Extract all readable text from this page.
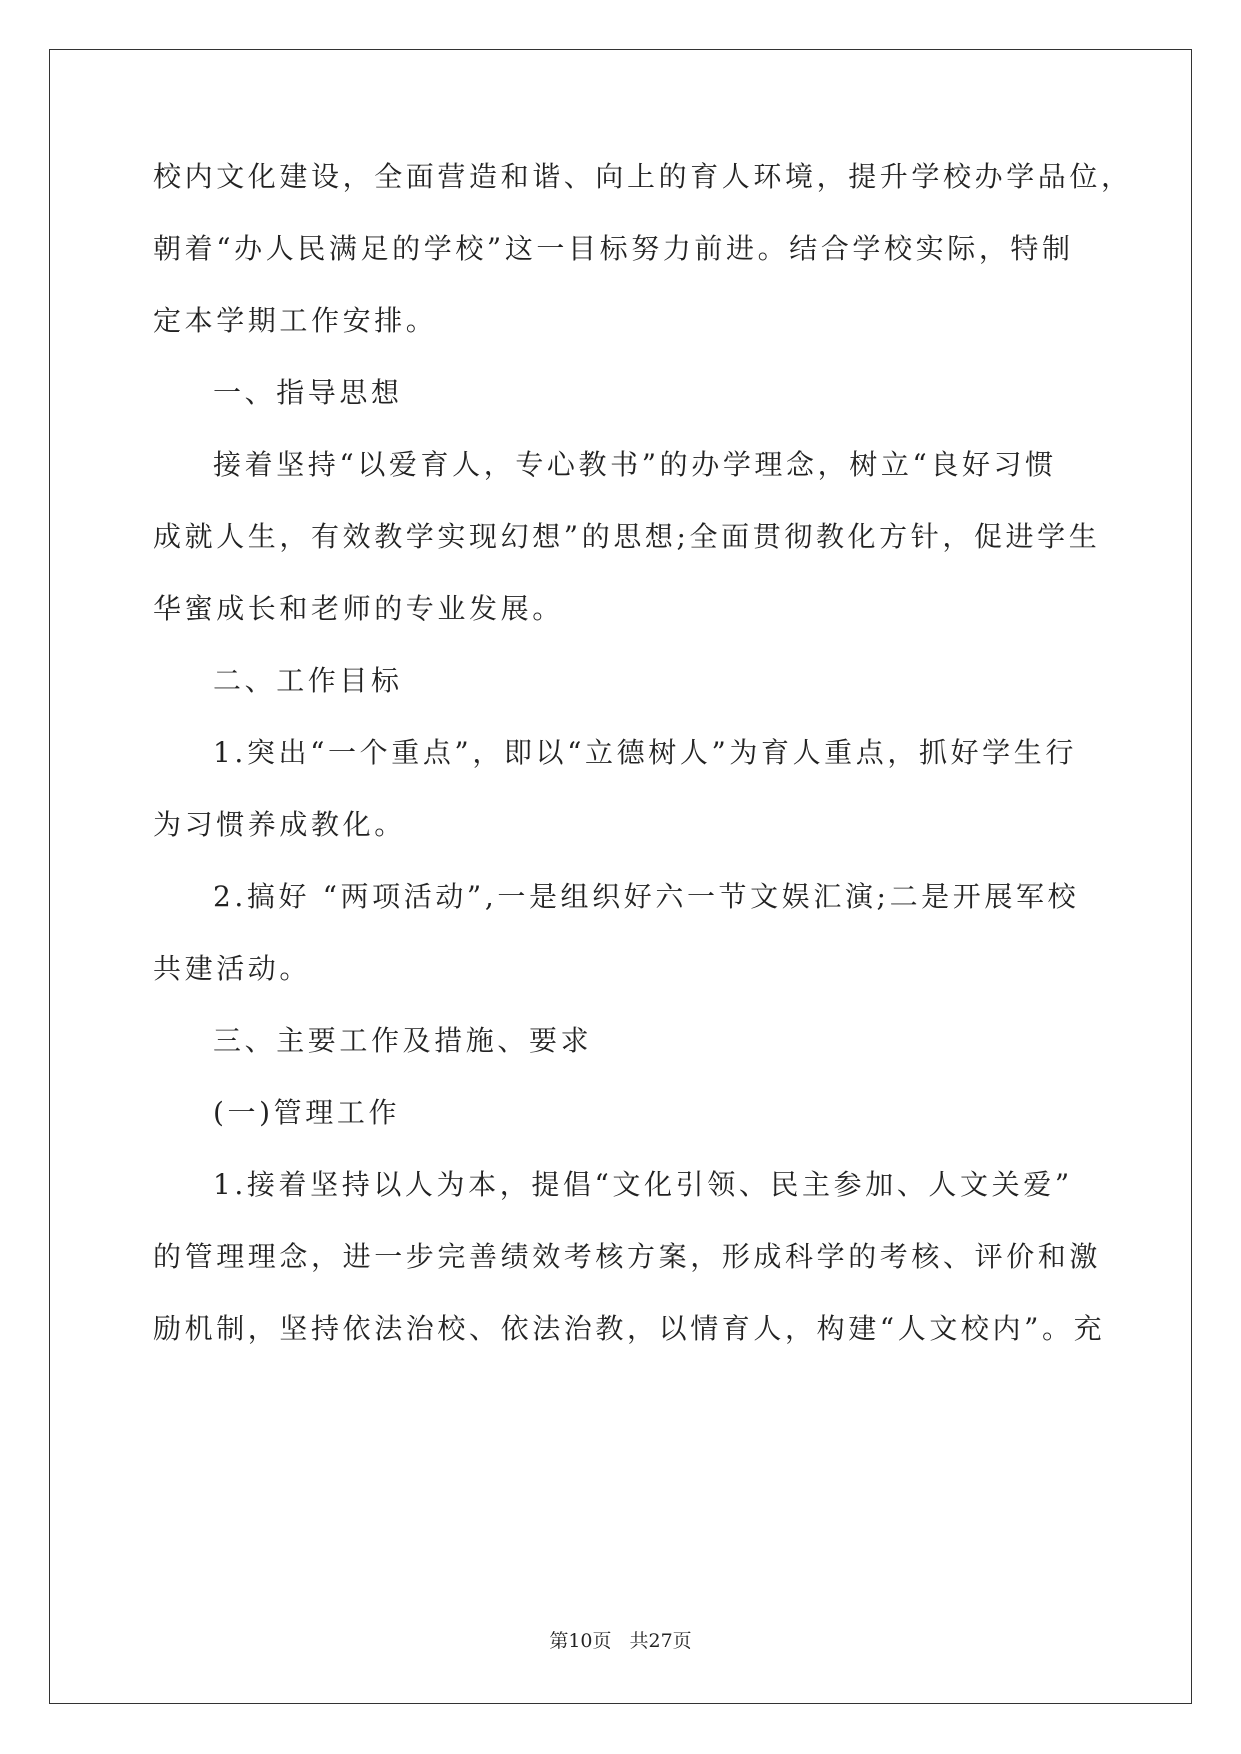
校内文化建设，全面营造和谐、向上的育人环境，提升学校办学品位，

朝着“办人民满足的学校”这一目标努力前进。结合学校实际，特制

定本学期工作安排。

一、指导思想

接着坚持“以爱育人，专心教书”的办学理念，树立“良好习惯

成就人生，有效教学实现幻想”的思想;全面贯彻教化方针，促进学生

华蜜成长和老师的专业发展。

二、工作目标

1.突出“一个重点”，即以“立德树人”为育人重点，抓好学生行

为习惯养成教化。

2.搞好 “两项活动”,一是组织好六一节文娱汇演;二是开展军校

共建活动。

三、主要工作及措施、要求

(一)管理工作

1.接着坚持以人为本，提倡“文化引领、民主参加、人文关爱”

的管理理念，进一步完善绩效考核方案，形成科学的考核、评价和激

励机制，坚持依法治校、依法治教，以情育人，构建“人文校内”。充

第10页 共27页
